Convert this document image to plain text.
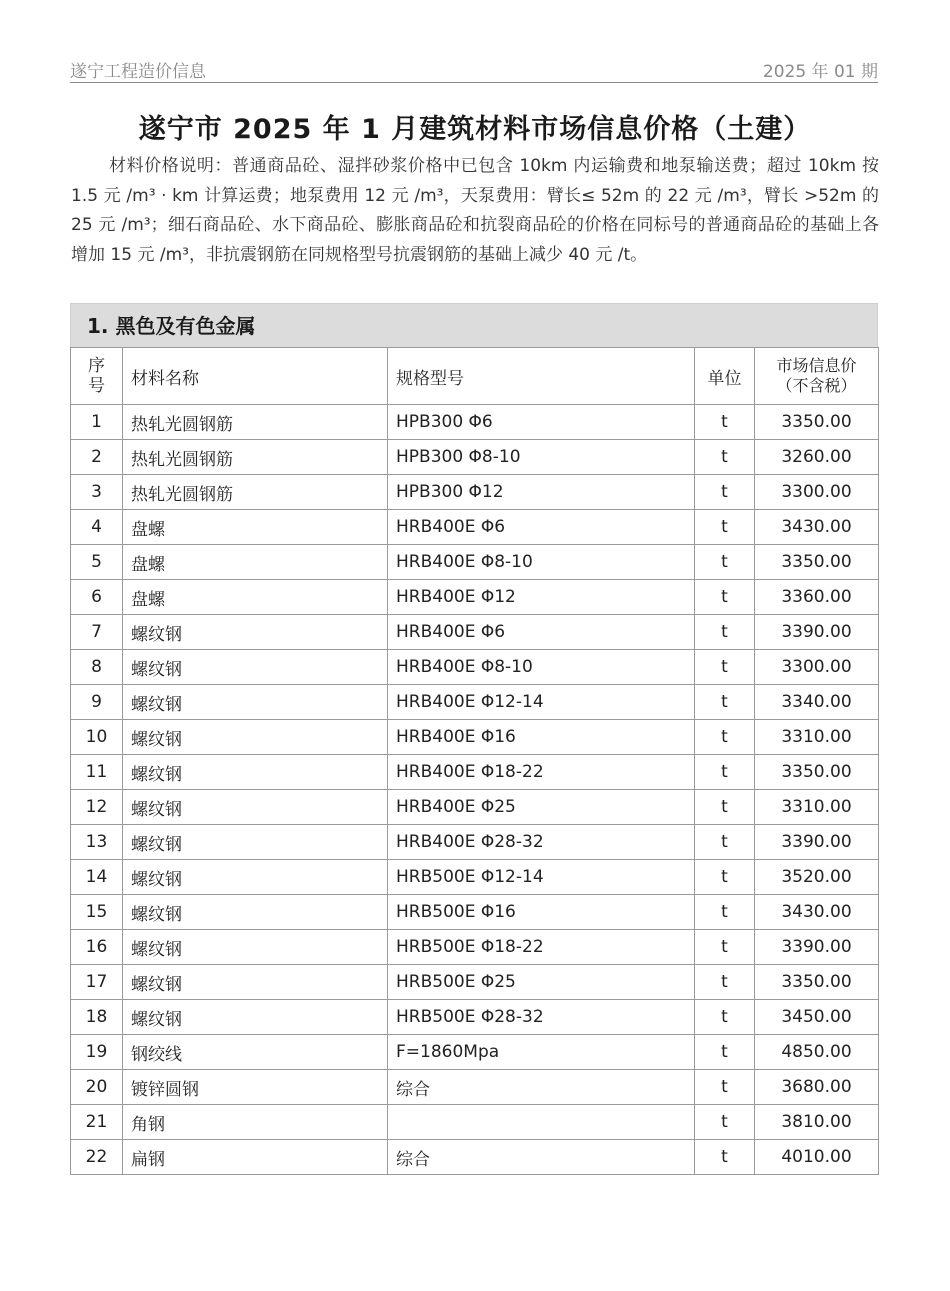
遂宁工程造价信息	2025 年 01 期
遂宁市 2025 年 1 月建筑材料市场信息价格（土建）

材料价格说明：普通商品砼、湿拌砂浆价格中已包含 10km 内运输费和地泵输送费；超过 10km 按 1.5 元 /m³ · km 计算运费；地泵费用 12 元 /m³，天泵费用：臂长≤ 52m 的 22 元 /m³，臂长 >52m 的 25 元 /m³；细石商品砼、水下商品砼、膨胀商品砼和抗裂商品砼的价格在同标号的普通商品砼的基础上各增加 15 元 /m³，非抗震钢筋在同规格型号抗震钢筋的基础上减少 40 元 /t。

1. 黑色及有色金属
序
号	材料名称	规格型号	单位	市场信息价
（不含税）
1	热轧光圆钢筋	HPB300 Φ6	t	3350.00
2	热轧光圆钢筋	HPB300 Φ8-10	t	3260.00
3	热轧光圆钢筋	HPB300 Φ12	t	3300.00
4	盘螺	HRB400E Φ6	t	3430.00
5	盘螺	HRB400E Φ8-10	t	3350.00
6	盘螺	HRB400E Φ12	t	3360.00
7	螺纹钢	HRB400E Φ6	t	3390.00
8	螺纹钢	HRB400E Φ8-10	t	3300.00
9	螺纹钢	HRB400E Φ12-14	t	3340.00
10	螺纹钢	HRB400E Φ16	t	3310.00
11	螺纹钢	HRB400E Φ18-22	t	3350.00
12	螺纹钢	HRB400E Φ25	t	3310.00
13	螺纹钢	HRB400E Φ28-32	t	3390.00
14	螺纹钢	HRB500E Φ12-14	t	3520.00
15	螺纹钢	HRB500E Φ16	t	3430.00
16	螺纹钢	HRB500E Φ18-22	t	3390.00
17	螺纹钢	HRB500E Φ25	t	3350.00
18	螺纹钢	HRB500E Φ28-32	t	3450.00
19	钢绞线	F=1860Mpa	t	4850.00
20	镀锌圆钢	综合	t	3680.00
21	角钢		t	3810.00
22	扁钢	综合	t	4010.00
